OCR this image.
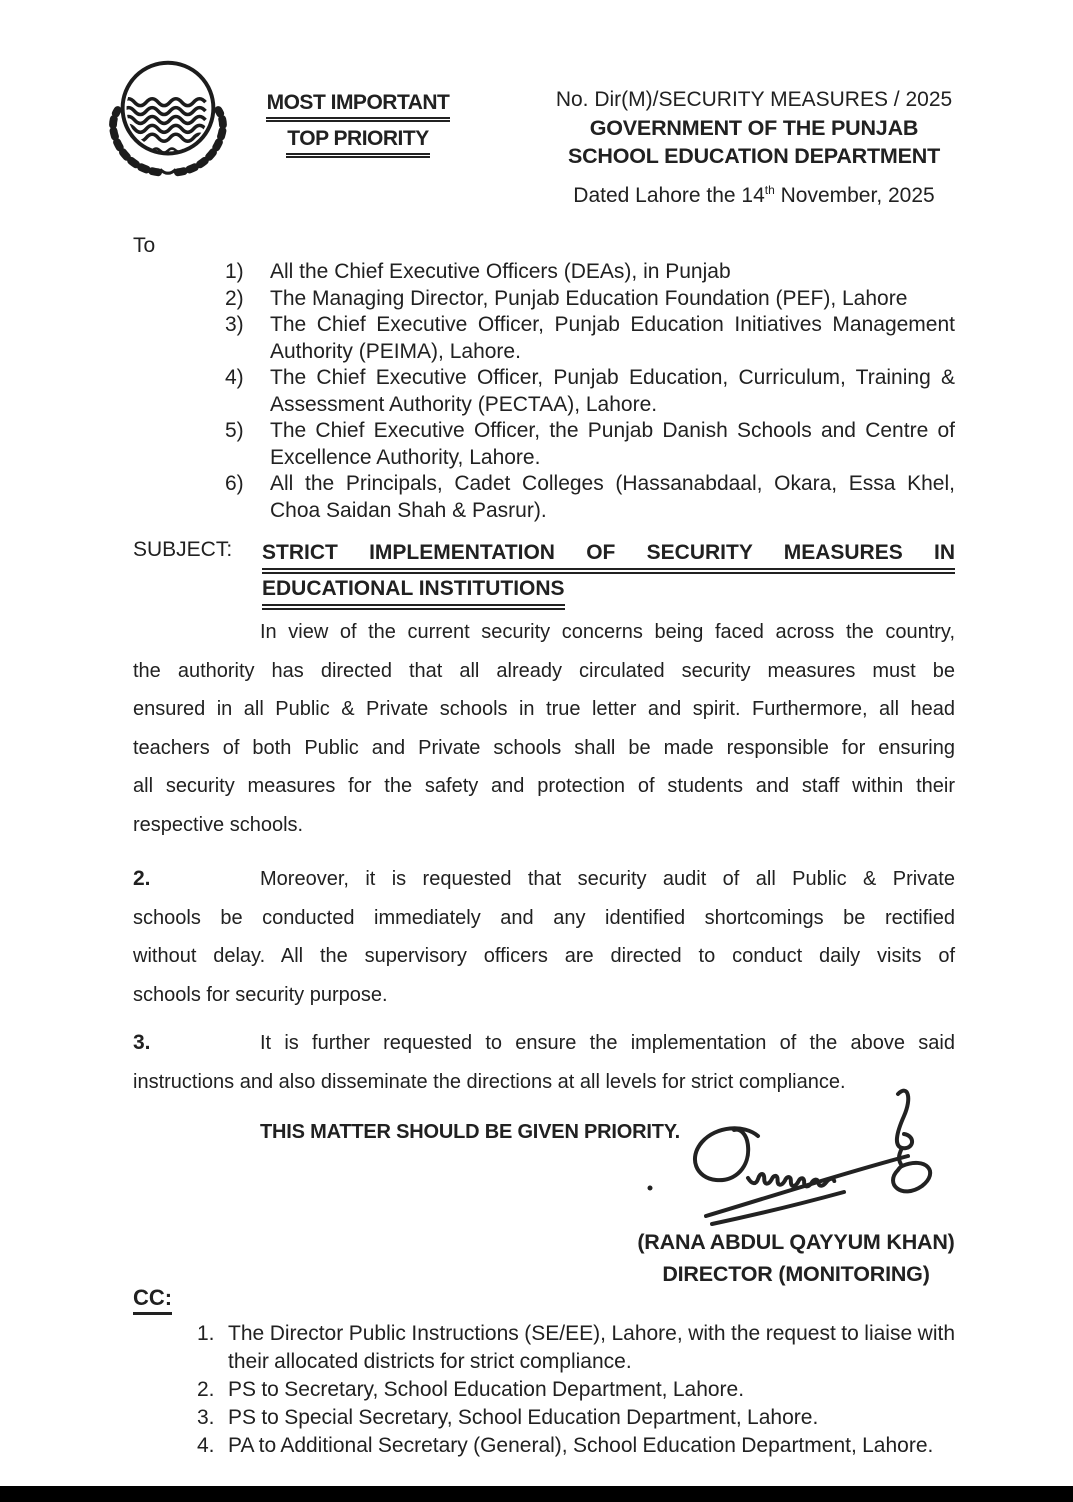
MOST IMPORTANT
TOP PRIORITY
No. Dir(M)/SECURITY MEASURES / 2025
GOVERNMENT OF THE PUNJAB
SCHOOL EDUCATION DEPARTMENT
Dated Lahore the 14th November, 2025
To
1) All the Chief Executive Officers (DEAs), in Punjab
2) The Managing Director, Punjab Education Foundation (PEF), Lahore
3) The Chief Executive Officer, Punjab Education Initiatives Management Authority (PEIMA), Lahore.
4) The Chief Executive Officer, Punjab Education, Curriculum, Training & Assessment Authority (PECTAA), Lahore.
5) The Chief Executive Officer, the Punjab Danish Schools and Centre of Excellence Authority, Lahore.
6) All the Principals, Cadet Colleges (Hassanabdaal, Okara, Essa Khel, Choa Saidan Shah & Pasrur).
SUBJECT: STRICT IMPLEMENTATION OF SECURITY MEASURES IN
EDUCATIONAL INSTITUTIONS
In view of the current security concerns being faced across the country,
the authority has directed that all already circulated security measures must be
ensured in all Public & Private schools in true letter and spirit. Furthermore, all head
teachers of both Public and Private schools shall be made responsible for ensuring
all security measures for the safety and protection of students and staff within their
respective schools.
2.	Moreover, it is requested that security audit of all Public & Private
schools be conducted immediately and any identified shortcomings be rectified
without delay. All the supervisory officers are directed to conduct daily visits of
schools for security purpose.
3.	It is further requested to ensure the implementation of the above said
instructions and also disseminate the directions at all levels for strict compliance.
THIS MATTER SHOULD BE GIVEN PRIORITY.
CC:
1. The Director Public Instructions (SE/EE), Lahore, with the request to liaise with their allocated districts for strict compliance.
2. PS to Secretary, School Education Department, Lahore.
3. PS to Special Secretary, School Education Department, Lahore.
4. PA to Additional Secretary (General), School Education Department, Lahore.
(RANA ABDUL QAYYUM KHAN)
DIRECTOR (MONITORING)
